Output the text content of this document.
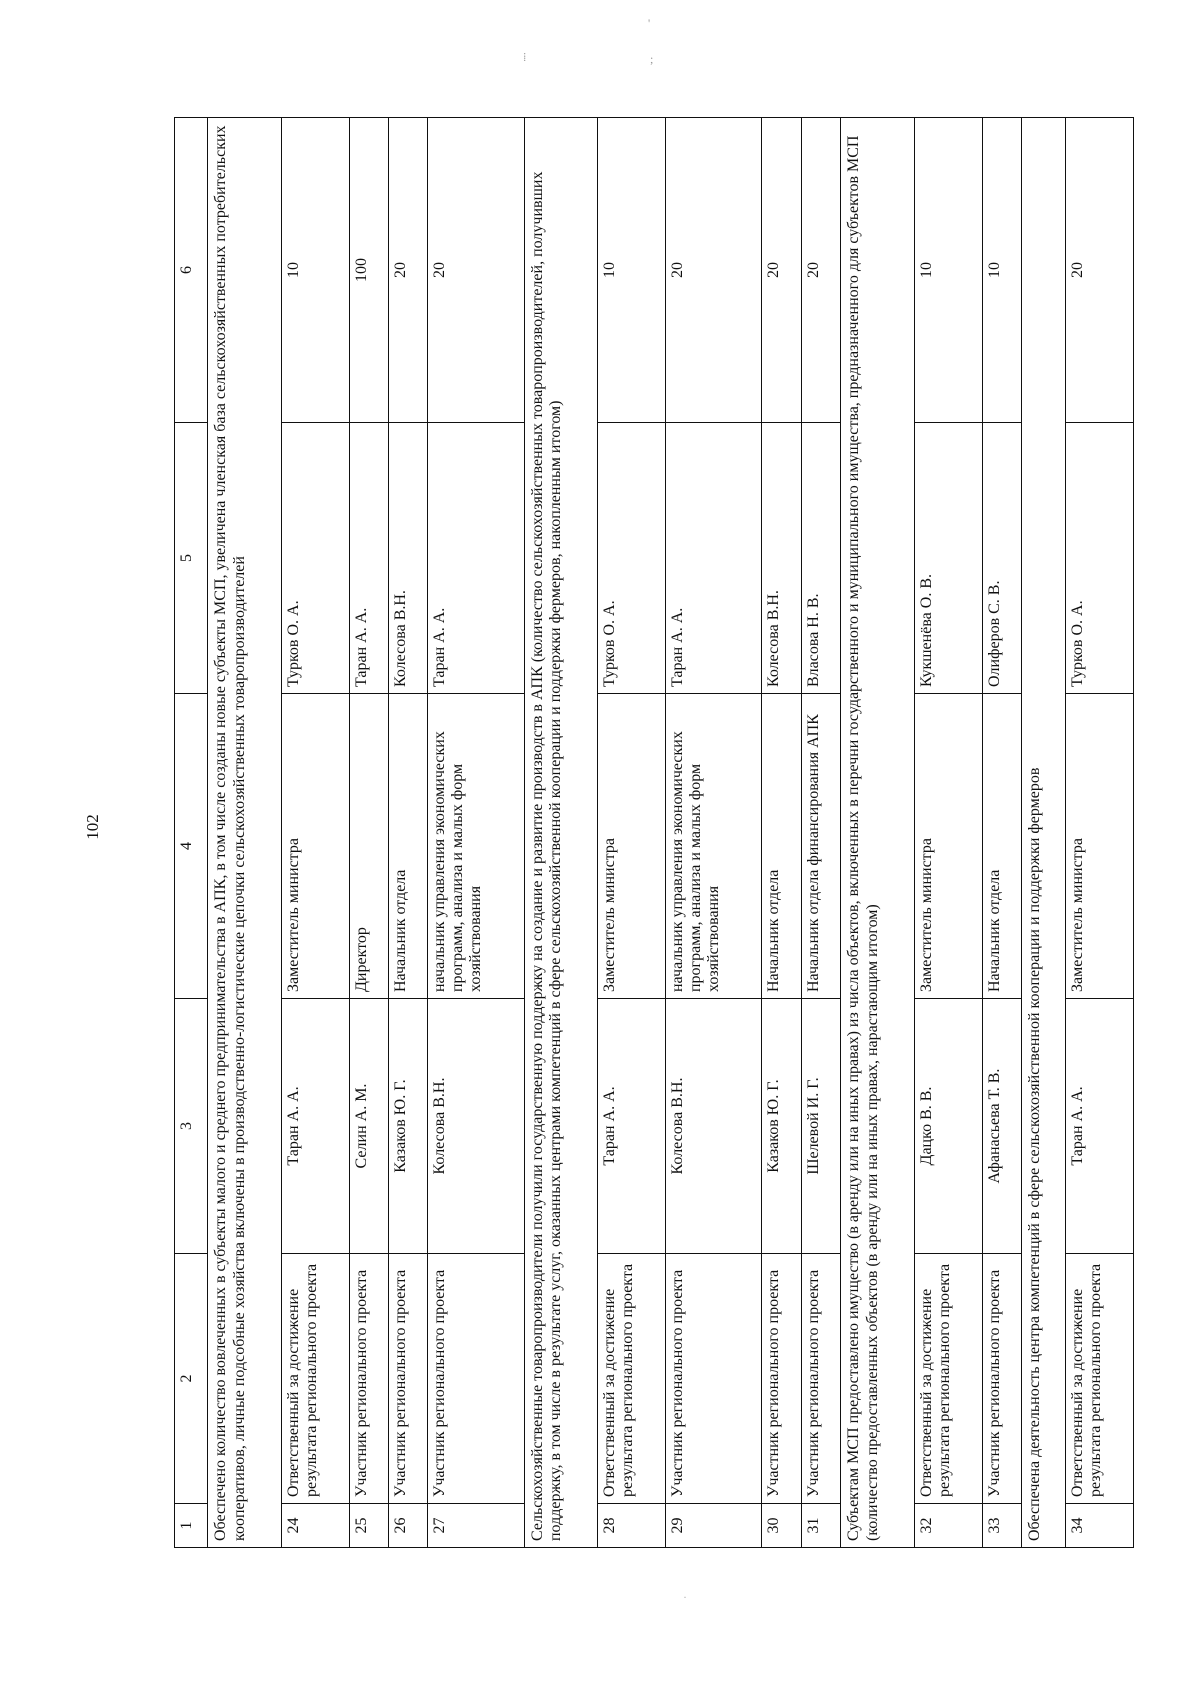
102
'
⁞	;
·
1	2	3	4	5	6
Обеспечено количество вовлеченных в субъекты малого и среднего предпринимательства в АПК, в том числе созданы новые субъекты МСП, увеличена членская база сельскохозяйственных потребительских кооперативов, личные подсобные хозяйства включены в производственно-логистические цепочки сельскохозяйственных товаропроизводителей					
24	Ответственный за достижение результата регионального проекта	Таран А. А.	Заместитель министра	Турков О. А.	10
25	Участник регионального проекта	Селин А. М.	Директор	Таран А. А.	100
26	Участник регионального проекта	Казаков Ю. Г.	Начальник отдела	Колесова В.Н.	20
27	Участник регионального проекта	Колесова В.Н.	начальник управления экономических программ, анализа и малых форм хозяйствования	Таран А. А.	20
Сельскохозяйственные товаропроизводители получили государственную поддержку на создание и развитие производств в АПК (количество сельскохозяйственных товаропроизводителей, получивших поддержку, в том числе в результате услуг, оказанных центрами компетенций в сфере сельскохозяйственной кооперации и поддержки фермеров, накопленным итогом)					
28	Ответственный за достижение результата регионального проекта	Таран А. А.	Заместитель министра	Турков О. А.	10
29	Участник регионального проекта	Колесова В.Н.	начальник управления экономических программ, анализа и малых форм хозяйствования	Таран А. А.	20
30	Участник регионального проекта	Казаков Ю. Г.	Начальник отдела	Колесова В.Н.	20
31	Участник регионального проекта	Шелевой И. Г.	Начальник отдела финансирования АПК	Власова Н. В.	20
Субъектам МСП предоставлено имущество (в аренду или на иных правах) из числа объектов, включенных в перечни государственного и муниципального имущества, предназначенного для субъектов МСП (количество предоставленных объектов (в аренду или на иных правах, нарастающим итогом)					
32	Ответственный за достижение результата регионального проекта	Дацко В. В.	Заместитель министра	Кукшенёва О. В.	10
33	Участник регионального проекта	Афанасьева Т. В.	Начальник отдела	Олиферов С. В.	10
Обеспечена деятельность центра компетенций в сфере сельскохозяйственной кооперации и поддержки фермеров					
34	Ответственный за достижение результата регионального проекта	Таран А. А.	Заместитель министра	Турков О. А.	20
